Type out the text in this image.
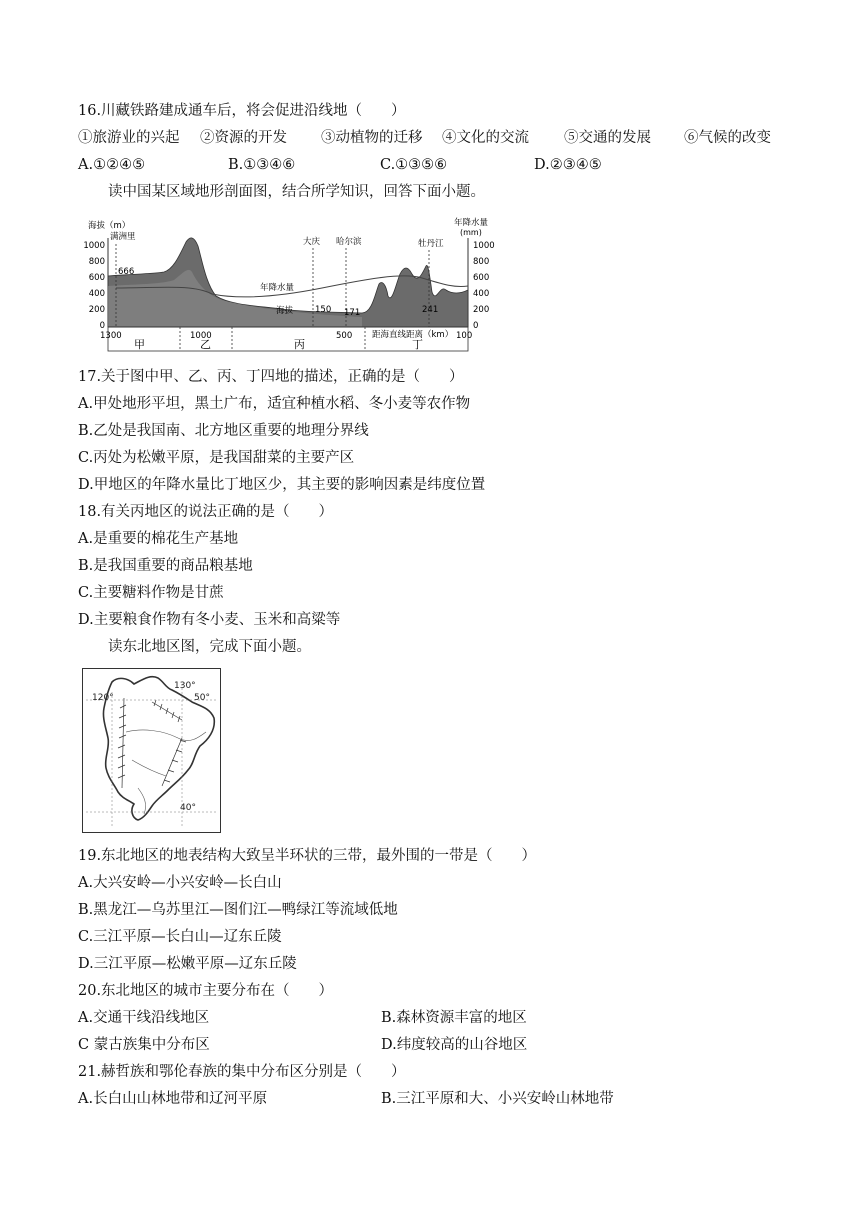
16.川藏铁路建成通车后，将会促进沿线地（　　）
①旅游业的兴起 ②资源的开发 ③动植物的迁移 ④文化的交流 ⑤交通的发展 ⑥气候的改变
A.①②④⑤	B.①③④⑥	C.①③⑤⑥	D.②③④⑤
读中国某区域地形剖面图，结合所学知识，回答下面小题。
海拔（m）	年降水量
(mm)
1000
800
600
400
200
0
1000
800
600
400
200
0
满洲里	大庆 哈尔滨	牡丹江
666
150 171	241
年降水量
海拔
1300	1000	500	100
距海直线距离（km）
甲	乙	丙	丁
17.关于图中甲、乙、丙、丁四地的描述，正确的是（　　）
A.甲处地形平坦，黑土广布，适宜种植水稻、冬小麦等农作物
B.乙处是我国南、北方地区重要的地理分界线
C.丙处为松嫩平原，是我国甜菜的主要产区
D.甲地区的年降水量比丁地区少，其主要的影响因素是纬度位置
18.有关丙地区的说法正确的是（　　）
A.是重要的棉花生产基地
B.是我国重要的商品粮基地
C.主要糖料作物是甘蔗
D.主要粮食作物有冬小麦、玉米和高粱等
读东北地区图，完成下面小题。
120°
130°
50°
40°
19.东北地区的地表结构大致呈半环状的三带，最外围的一带是（　　）
A.大兴安岭—小兴安岭—长白山
B.黑龙江—乌苏里江—图们江—鸭绿江等流域低地
C.三江平原—长白山—辽东丘陵
D.三江平原—松嫩平原—辽东丘陵
20.东北地区的城市主要分布在（　　）
A.交通干线沿线地区	B.森林资源丰富的地区
C 蒙古族集中分布区	D.纬度较高的山谷地区
21.赫哲族和鄂伦春族的集中分布区分别是（　　）
A.长白山山林地带和辽河平原	B.三江平原和大、小兴安岭山林地带
